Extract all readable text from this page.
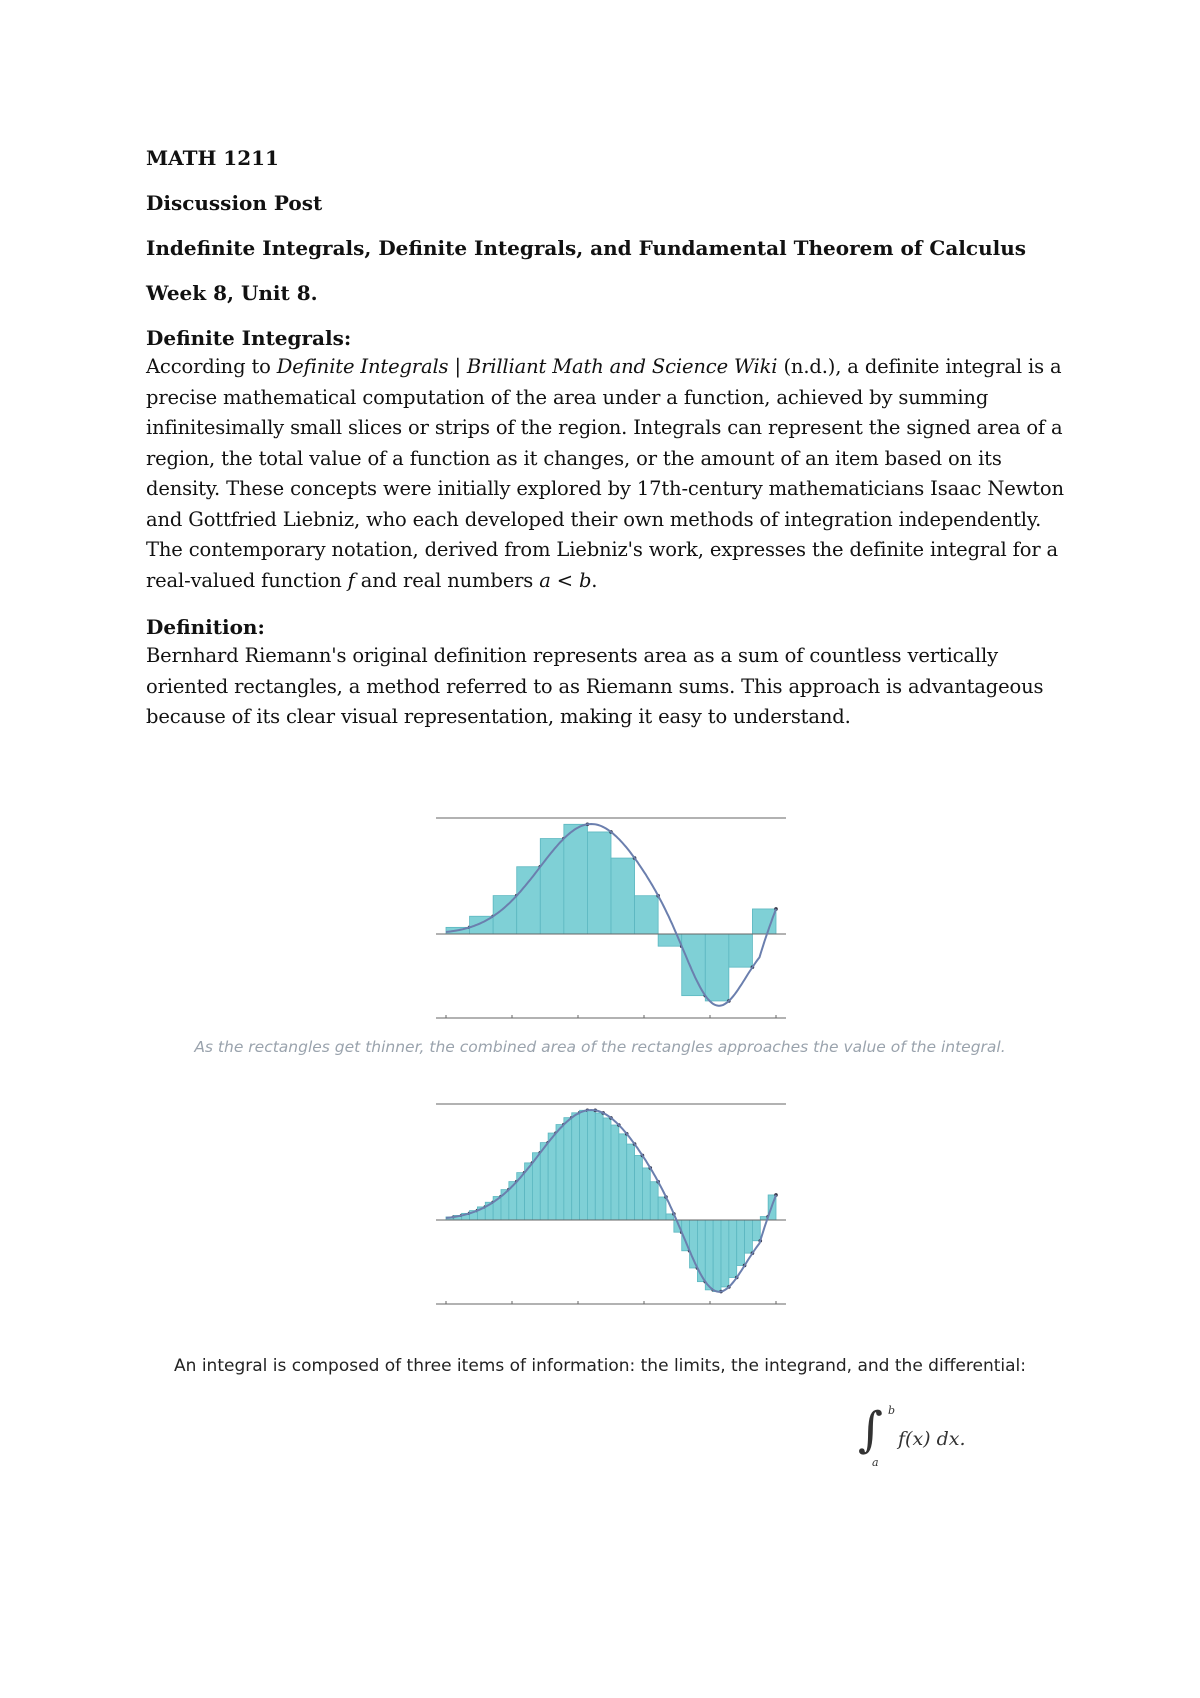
MATH 1211

Discussion Post

Indefinite Integrals, Definite Integrals, and Fundamental Theorem of Calculus

Week 8, Unit 8.

Definite Integrals:

According to Definite Integrals | Brilliant Math and Science Wiki (n.d.), a definite integral is a precise mathematical computation of the area under a function, achieved by summing infinitesimally small slices or strips of the region. Integrals can represent the signed area of a region, the total value of a function as it changes, or the amount of an item based on its density. These concepts were initially explored by 17th-century mathematicians Isaac Newton and Gottfried Liebniz, who each developed their own methods of integration independently. The contemporary notation, derived from Liebniz's work, expresses the definite integral for a real-valued function f and real numbers a < b.

Definition:

Bernhard Riemann's original definition represents area as a sum of countless vertically oriented rectangles, a method referred to as Riemann sums. This approach is advantageous because of its clear visual representation, making it easy to understand.

As the rectangles get thinner, the combined area of the rectangles approaches the value of the integral.
An integral is composed of three items of information: the limits, the integrand, and the differential:
∫ b
a
f(x) dx.
